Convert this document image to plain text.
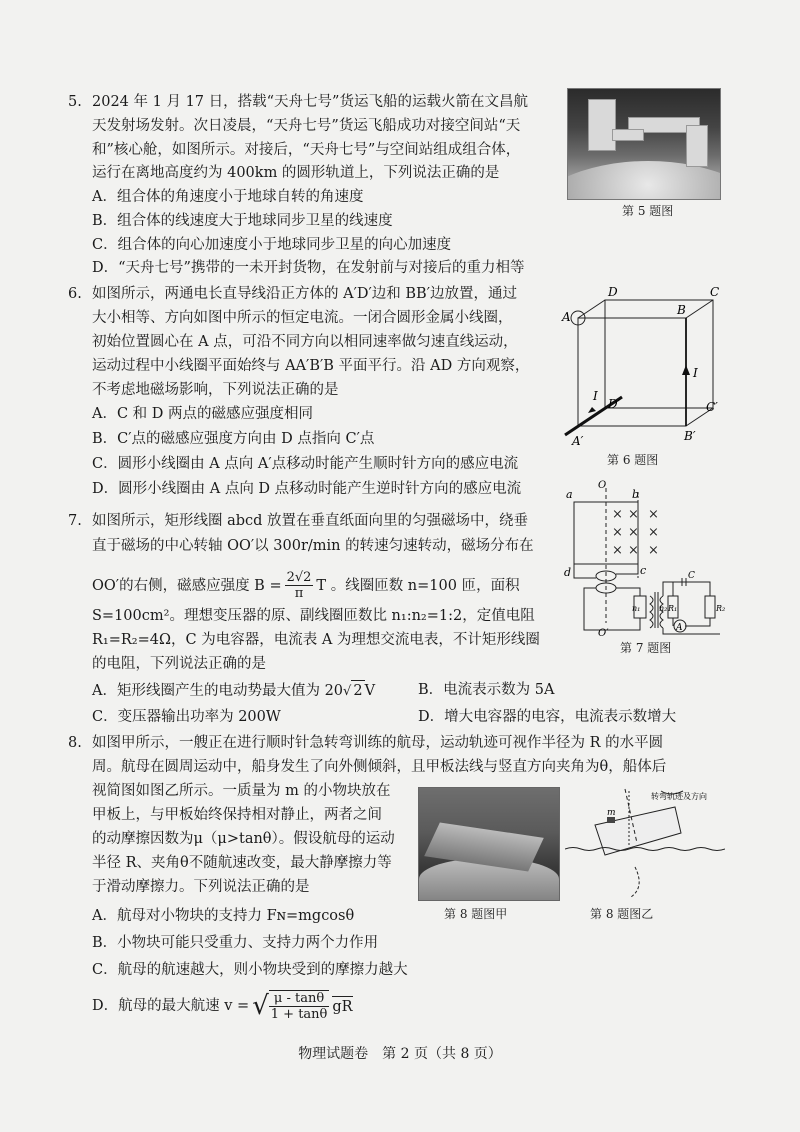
5. 2024 年 1 月 17 日，搭载“天舟七号”货运飞船的运载火箭在文昌航
天发射场发射。次日凌晨，“天舟七号”货运飞船成功对接空间站“天
和”核心舱，如图所示。对接后，“天舟七号”与空间站组成组合体，
运行在离地高度约为 400km 的圆形轨道上，下列说法正确的是
A．组合体的角速度小于地球自转的角速度
B．组合体的线速度大于地球同步卫星的线速度
C．组合体的向心加速度小于地球同步卫星的向心加速度
D．“天舟七号”携带的一未开封货物，在发射前与对接后的重力相等
第 5 题图
6. 如图所示，两通电长直导线沿正方体的 A′D′边和 BB′边放置，通过
大小相等、方向如图中所示的恒定电流。一闭合圆形金属小线圈，
初始位置圆心在 A 点，可沿不同方向以相同速率做匀速直线运动，
运动过程中小线圈平面始终与 AA′B′B 平面平行。沿 AD 方向观察，
不考虑地磁场影响，下列说法正确的是
A．C 和 D 两点的磁感应强度相同
B．C′点的磁感应强度方向由 D 点指向 C′点
C．圆形小线圈由 A 点向 A′点移动时能产生顺时针方向的感应电流
D．圆形小线圈由 A 点向 D 点移动时能产生逆时针方向的感应电流
D	C
A	B
D′	C′
A′	B′
I
I
第 6 题图
7. 如图所示，矩形线圈 abcd 放置在垂直纸面向里的匀强磁场中，绕垂
直于磁场的中心转轴 OO′以 300r/min 的转速匀速转动，磁场分布在
OO′的右侧，磁感应强度 $B = \frac{2√2}{\pi}$ T 。线圈匝数 n=100 匝，面积
S=100cm²。理想变压器的原、副线圈匝数比 n₁:n₂=1:2，定值电阻
R₁=R₂=4Ω，C 为电容器，电流表 A 为理想交流电表，不计矩形线圈
的电阻，下列说法正确的是
A．矩形线圈产生的电动势最大值为 20√ 2 V	B．电流表示数为 5A
C．变压器输出功率为 200W	D．增大电容器的电容，电流表示数增大
× × ×
× × ×
× × ×
a	b
c
d
O
O′
n₁ n₂ R₁	R₂
C
A
第 7 题图
8. 如图甲所示，一艘正在进行顺时针急转弯训练的航母，运动轨迹可视作半径为 R 的水平圆
周。航母在圆周运动中，船身发生了向外侧倾斜，且甲板法线与竖直方向夹角为θ，船体后
视简图如图乙所示。一质量为 m 的小物块放在
甲板上，与甲板始终保持相对静止，两者之间
的动摩擦因数为μ（μ>tanθ）。假设航母的运动
半径 R、夹角θ不随航速改变，最大静摩擦力等
于滑动摩擦力。下列说法正确的是
A．航母对小物块的支持力 Fɴ=mgcosθ
B．小物块可能只受重力、支持力两个力作用
C．航母的航速越大，则小物块受到的摩擦力越大
D．航母的最大航速 v = √ $\frac{\mu - \tan\theta}{1 + \tan\theta}$ gR
第 8 题图甲
m
转弯轨迹及方向
第 8 题图乙
物理试题卷　第 2 页（共 8 页）
